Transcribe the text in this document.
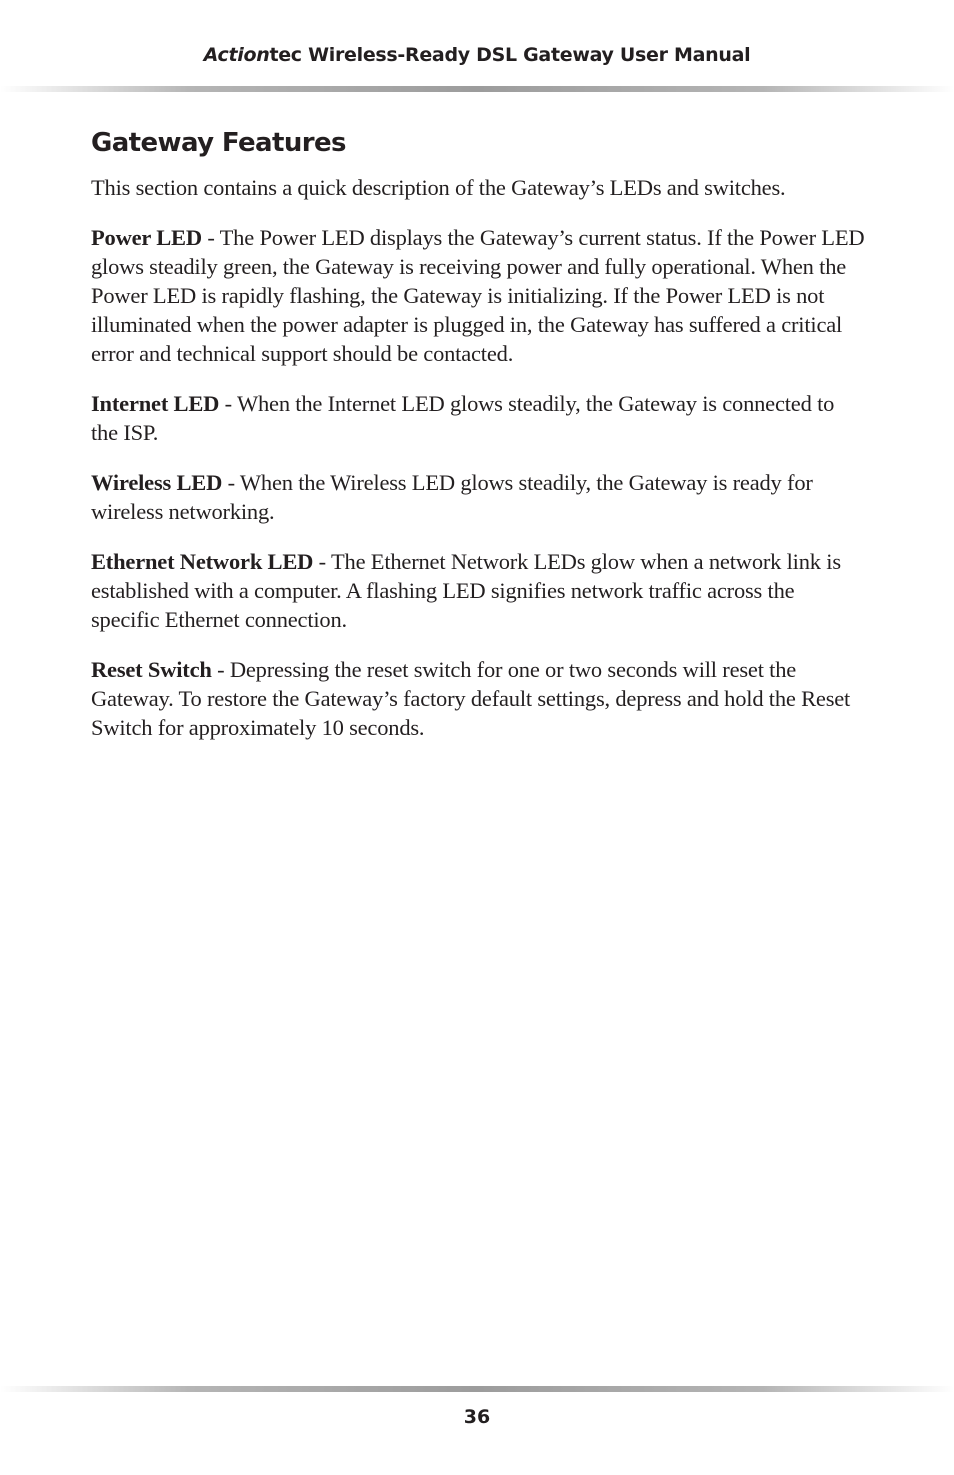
Actiontec Wireless-Ready DSL Gateway User Manual
Gateway Features

This section contains a quick description of the Gateway’s LEDs and switches.

Power LED - The Power LED displays the Gateway’s current status. If the Power LED glows steadily green, the Gateway is receiving power and fully operational. When the Power LED is rapidly flashing, the Gateway is initializing. If the Power LED is not illuminated when the power adapter is plugged in, the Gateway has suffered a critical error and technical support should be contacted.

Internet LED - When the Internet LED glows steadily, the Gateway is connected to the ISP.

Wireless LED - When the Wireless LED glows steadily, the Gateway is ready for wireless networking.

Ethernet Network LED - The Ethernet Network LEDs glow when a network link is established with a computer. A flashing LED signifies network traffic across the specific Ethernet connection.

Reset Switch - Depressing the reset switch for one or two seconds will reset the Gateway. To restore the Gateway’s factory default settings, depress and hold the Reset Switch for approximately 10 seconds.

36
